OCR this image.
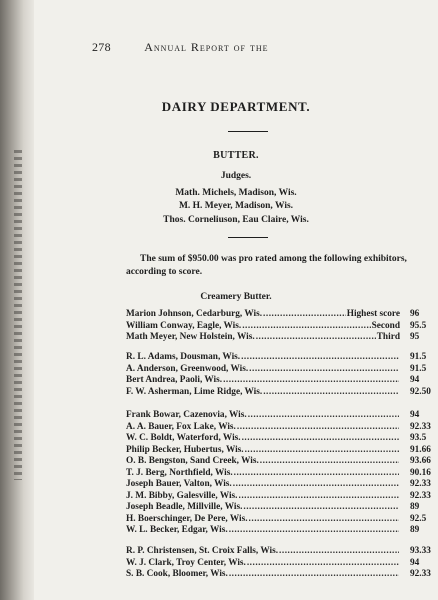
278	Annual Report of the
DAIRY DEPARTMENT.
BUTTER.
Judges.
Math. Michels, Madison, Wis.
M. H. Meyer, Madison, Wis.
Thos. Corneliuson, Eau Claire, Wis.
The sum of $950.00 was pro rated among the following exhibitors, according to score.
Creamery Butter.
Marion Johnson, Cedarburg, Wis. .....	Highest score 96
William Conway, Eagle, Wis. .....	Second 95.5
Math Meyer, New Holstein, Wis. .....	Third 95
R. L. Adams, Dousman, Wis. .....	91.5
A. Anderson, Greenwood, Wis. .....	91.5
Bert Andrea, Paoli, Wis. .....	94
F. W. Asherman, Lime Ridge, Wis. .....	92.50
Frank Bowar, Cazenovia, Wis. .....	94
A. A. Bauer, Fox Lake, Wis. .....	92.33
W. C. Boldt, Waterford, Wis. .....	93.5
Philip Becker, Hubertus, Wis. .....	91.66
O. B. Bengston, Sand Creek, Wis. .....	93.66
T. J. Berg, Northfield, Wis. .....	90.16
Joseph Bauer, Valton, Wis. .....	92.33
J. M. Bibby, Galesville, Wis. .....	92.33
Joseph Beadle, Millville, Wis. .....	89
H. Boerschinger, De Pere, Wis. .....	92.5
W. L. Becker, Edgar, Wis. .....	89
R. P. Christensen, St. Croix Falls, Wis. .....	93.33
W. J. Clark, Troy Center, Wis. .....	94
S. B. Cook, Bloomer, Wis. .....	92.33
